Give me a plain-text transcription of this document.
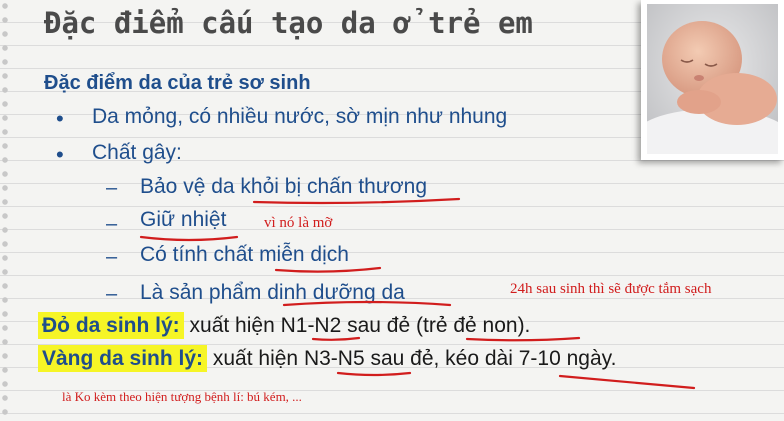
Đặc điểm cấu tạo da ở trẻ em
Đặc điểm da của trẻ sơ sinh
• Da mỏng, có nhiều nước, sờ mịn như nhung
• Chất gây:
– Bảo vệ da khỏi bị chấn thương
– Giữ nhiệt
– Có tính chất miễn dịch
– Là sản phẩm dinh dưỡng da
Đỏ da sinh lý: xuất hiện N1-N2 sau đẻ (trẻ đẻ non).
Vàng da sinh lý: xuất hiện N3-N5 sau đẻ, kéo dài 7-10 ngày.
vì nó là mỡ
24h sau sinh thì sẽ được tắm sạch
là Ko kèm theo hiện tượng bệnh lí: bú kém, ...
